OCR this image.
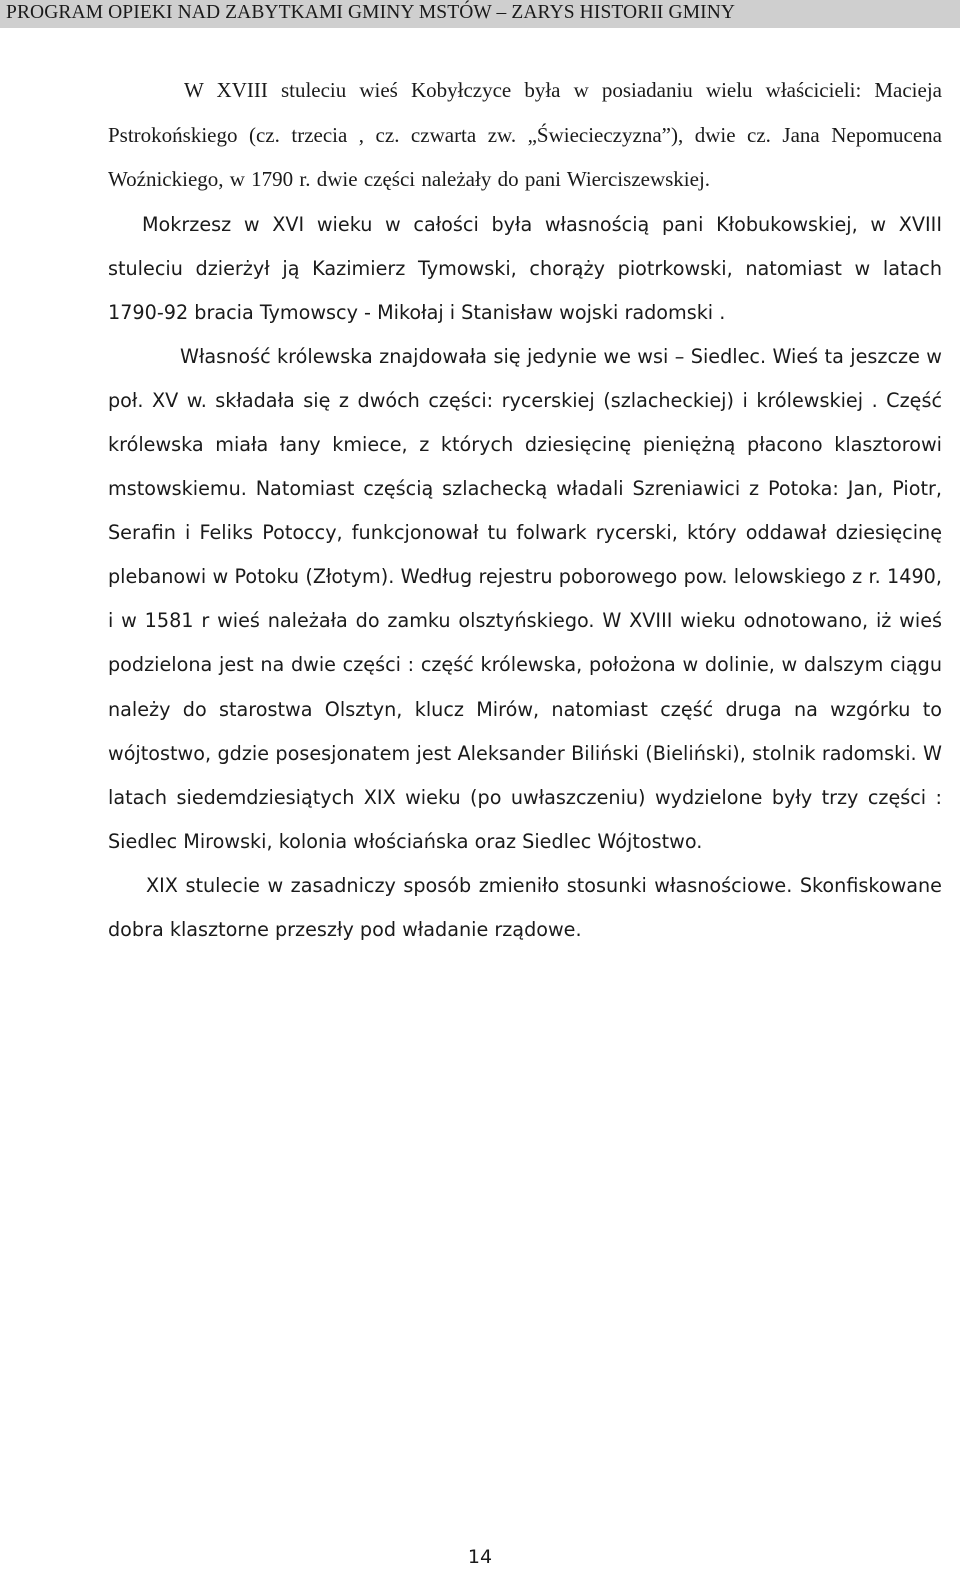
PROGRAM OPIEKI NAD ZABYTKAMI GMINY MSTÓW – ZARYS HISTORII GMINY

W XVIII stuleciu wieś Kobyłczyce była w posiadaniu wielu właścicieli: Macieja Pstrokońskiego (cz. trzecia , cz. czwarta zw. „Świecieczyzna”), dwie cz. Jana Nepomucena Woźnickiego, w 1790 r. dwie części należały do pani Wierciszewskiej.

Mokrzesz w XVI wieku w całości była własnością pani Kłobukowskiej, w XVIII stuleciu dzierżył ją Kazimierz Tymowski, chorąży piotrkowski, natomiast w latach 1790-92 bracia Tymowscy - Mikołaj i Stanisław wojski radomski .

Własność królewska znajdowała się jedynie we wsi – Siedlec. Wieś ta jeszcze w poł. XV w. składała się z dwóch części: rycerskiej (szlacheckiej) i królewskiej . Część królewska miała łany kmiece, z których dziesięcinę pieniężną płacono klasztorowi mstowskiemu. Natomiast częścią szlachecką władali Szreniawici z Potoka: Jan, Piotr, Serafin i Feliks Potoccy, funkcjonował tu folwark rycerski, który oddawał dziesięcinę plebanowi w Potoku (Złotym). Według rejestru poborowego pow. lelowskiego z r. 1490, i w 1581 r wieś należała do zamku olsztyńskiego. W XVIII wieku odnotowano, iż wieś podzielona jest na dwie części : część królewska, położona w dolinie, w dalszym ciągu należy do starostwa Olsztyn, klucz Mirów, natomiast część druga na wzgórku to wójtostwo, gdzie posesjonatem jest Aleksander Biliński (Bieliński), stolnik radomski. W latach siedemdziesiątych XIX wieku (po uwłaszczeniu) wydzielone były trzy części : Siedlec Mirowski, kolonia włościańska oraz Siedlec Wójtostwo.

XIX stulecie w zasadniczy sposób zmieniło stosunki własnościowe. Skonfiskowane dobra klasztorne przeszły pod władanie rządowe.

14
